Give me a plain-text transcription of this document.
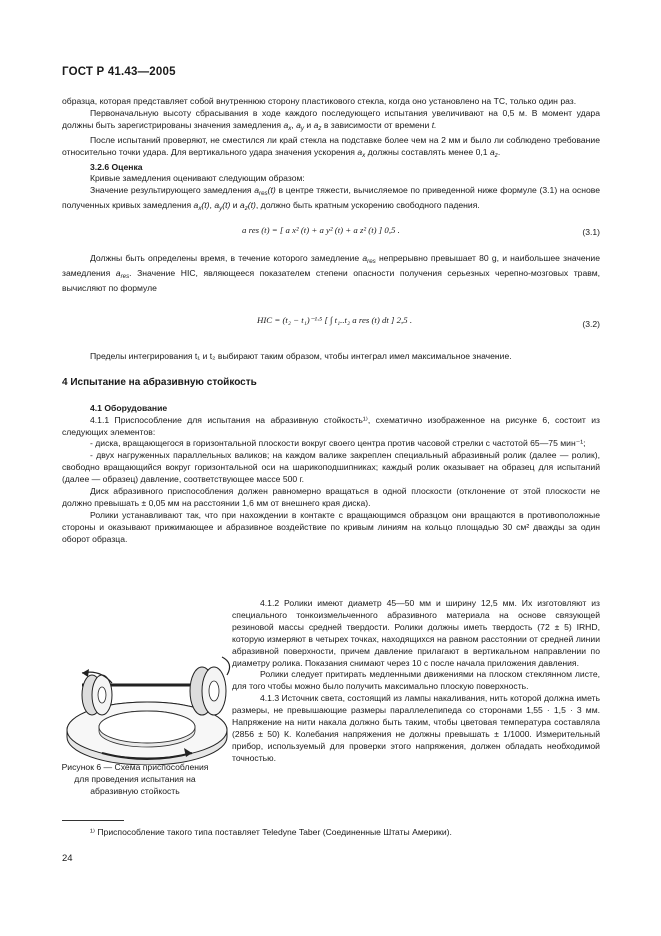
ГОСТ Р 41.43—2005

образца, которая представляет собой внутреннюю сторону пластикового стекла, когда оно установлено на ТС, только один раз.

Первоначальную высоту сбрасывания в ходе каждого последующего испытания увеличивают на 0,5 м. В момент удара должны быть зарегистрированы значения замедления $a_x$, $a_y$ и $a_z$ в зависимости от времени t.

После испытаний проверяют, не сместился ли край стекла на подставке более чем на 2 мм и было ли соблюдено требование относительно точки удара. Для вертикального удара значения ускорения $a_x$ должны составлять менее 0,1 $a_z$.

3.2.6 Оценка

Кривые замедления оценивают следующим образом:

Значение результирующего замедления $a_{res}(t)$ в центре тяжести, вычисляемое по приведенной ниже формуле (3.1) на основе полученных кривых замедления $a_x(t)$, $a_y(t)$ и $a_z(t)$, должно быть кратным ускорению свободного падения.

a res (t) = [ a x² (t) + a y² (t) + a z² (t) ] 0,5 .	(3.1)

Должны быть определены время, в течение которого замедление $a_{res}$ непрерывно превышает 80 g, и наибольшее значение замедления $a_{res}$. Значение HIC, являющееся показателем степени опасности получения серьезных черепно-мозговых травм, вычисляют по формуле

HIC = (t₂ − t₁)⁻¹·⁵ [ ∫ t₁..t₂ a res (t) dt ] 2,5 .	(3.2)

Пределы интегрирования t₁ и t₂ выбирают таким образом, чтобы интеграл имел максимальное значение.

4 Испытание на абразивную стойкость

4.1 Оборудование

4.1.1 Приспособление для испытания на абразивную стойкость¹⁾, схематично изображенное на рисунке 6, состоит из следующих элементов:

- диска, вращающегося в горизонтальной плоскости вокруг своего центра против часовой стрелки с частотой 65—75 мин⁻¹;

- двух нагруженных параллельных валиков; на каждом валике закреплен специальный абразивный ролик (далее — ролик), свободно вращающийся вокруг горизонтальной оси на шарикоподшипниках; каждый ролик оказывает на образец для испытаний (далее — образец) давление, соответствующее массе 500 г.

Диск абразивного приспособления должен равномерно вращаться в одной плоскости (отклонение от этой плоскости не должно превышать ± 0,05 мм на расстоянии 1,6 мм от внешнего края диска).

Ролики устанавливают так, что при нахождении в контакте с вращающимся образцом они вращаются в противоположные стороны и оказывают прижимающее и абразивное воздействие по кривым линиям на кольцо площадью 30 см² дважды за один оборот образца.

4.1.2 Ролики имеют диаметр 45—50 мм и ширину 12,5 мм. Их изготовляют из специального тонкоизмельченного абразивного материала на основе связующей резиновой массы средней твердости. Ролики должны иметь твердость (72 ± 5) IRHD, которую измеряют в четырех точках, находящихся на равном расстоянии от средней линии абразивной поверхности, причем давление прилагают в вертикальном направлении по диаметру ролика. Показания снимают через 10 с после начала приложения давления.

Ролики следует притирать медленными движениями на плоском стеклянном листе, для того чтобы можно было получить максимально плоскую поверхность.

4.1.3 Источник света, состоящий из лампы накаливания, нить которой должна иметь размеры, не превышающие размеры параллелепипеда со сторонами 1,55 · 1,5 · 3 мм. Напряжение на нити накала должно быть таким, чтобы цветовая температура составляла (2856 ± 50) К. Колебания напряжения не должны превышать ± 1/1000. Измерительный прибор, используемый для проверки этого напряжения, должен обладать необходимой точностью.

Рисунок 6 — Схема приспособления для проведения испытания на абразивную стойкость
¹⁾ Приспособление такого типа поставляет Teledyne Taber (Соединенные Штаты Америки).
24
